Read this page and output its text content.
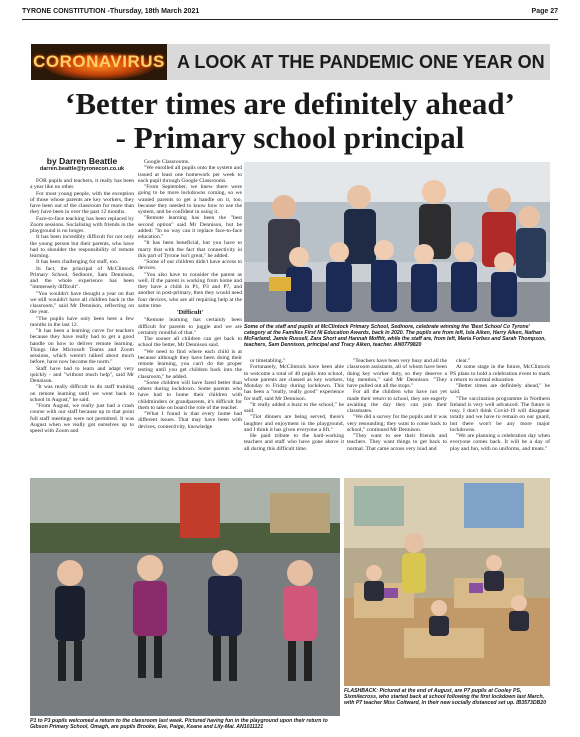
TYRONE CONSTITUTION -Thursday, 18th March 2021	Page 27
CORONAVIRUS A LOOK AT THE PANDEMIC ONE YEAR ON
‘Better times are definitely ahead’
- Primary school principal
by Darren Beattle
darren.beattle@tyronecon.co.uk

FOR pupils and teachers, it really has been a year like no other.

For most young people, with the exception of those whose parents are key workers, they have been out of the classroom for more than they have been in over the past 12 months.

Face-to-face teaching has been replaced by Zoom sessions. Socialising with friends in the playground is no longer.

It has been incredibly difficult for not only the young person but their parents, who have had to shoulder the responsibility of remote learning.

It has been challenging for staff, too.

In fact, the principal of McClintock Primary School, Sedinore, Sam Dennison, and the whole experience has been "immensely difficult".

"You wouldn't have thought a year on that we still wouldn't have all children back in the classroom," said Mr Dennison, reflecting on the year.

"The pupils have only been here a few months in the last 12.

"It has been a learning curve for teachers because they have really had to get a good handle on how to deliver remote learning. Things like Microsoft Teams and Zoom sessions, which weren't talked about much before, have now become the norm."

Staff have had to learn and adapt very quickly - and "without much help", said Mr Dennison.

"It was really difficult to do staff training on remote learning until we went back to school in August," he said.

"From August, we really just had a crash course with our staff because up to that point full staff meetings were not permitted. It was August when we really got ourselves up to speed with Zoom and

Google Classrooms.

"We enrolled all pupils onto the system and issued at least one homework per week to each pupil through Google Classrooms.

"From September, we knew there were going to be more lockdowns coming, so we wanted parents to get a handle on it, too, because they needed to know how to use the system, and be confident in using it.

"Remote learning has been the "best second option" said Mr Dennison, but he added: "In no way can it replace face-to-face education."

"It has been beneficial, but you have to marry that with the fact that connectivity in this part of Tyrone isn't great," he added.

"Some of our children didn't have access to devices.

"You also have to consider the parent as well. If the parent is working from home and they have a child in P1, P3 and P7, and another in post-primary, then they would need four devices, who are all requiring help at the same time.

'Difficult'

"Remote learning has certainly been difficult for parents to juggle and we are certainly mindful of that."

The sooner all children can get back to school the better, Mr Dennison said.

"We need to find where each child is at because although they have been doing their remote learning, you can't do the proper testing until you get children back into the classroom," he added.

"Some children will have fared better than others during lockdown. Some parents who have had to home their children with childminders or grandparents, it's difficult for them to take on board the role of the teacher.

"What I found is that every home had different issues. That may have been with devices, connectivity, knowledge

Some of the staff and pupils at McClintock Primary School, Sedinore, celebrate winning the 'Best School Co Tyrone' category at the Families First NI Education Awards, back in 2020. The pupils are from left, Isla Aiken, Harry Aiken, Nathan McFarland, Jamie Russell, Zara Short and Hannah Moffitt, while the staff are, from left, Maria Forbes and Sarah Thompson, teachers, Sam Dennison, principal and Tracy Aiken, teacher. AN0779820

or timetabling."

Fortunately, McClintock have been able to welcome a total of 40 pupils into school, whose parents are classed as key workers, Monday to Friday during lockdown. This has been a "really, really good" experience for staff, said Mr Dennison.

"It really added a buzz to the school," he said.

"Tiot dinners are being served, there's laughter and enjoyment in the playground, and I think it has given everyone a lift."

He paid tribute to the hard-working teachers and staff who have gone above it all during this difficult time.

"Teachers have been very busy and all the classroom assistants, all of whom have been doing key worker duty, so they deserve a big mention," said Mr Dennison. "They have pulled out all the stops."

For all the children who have not yet made their return to school, they are eagerly awaiting the day they can join their classmates.

"We did a survey for the pupils and it was very resounding; they want to come back to school," continued Mr Dennison.

"They want to see their friends and teachers. They want things to get back to normal. That came across very loud and

clear."

At some stage in the future, McClintock PS plans to hold a celebration event to mark a return to normal education.

"Better times are definitely ahead," he said.

"The vaccination programme in Northern Ireland is very well advanced. The future is rosy. I don't think Covid-19 will disappear totally and we have to remain on our guard, but there won't be any more major lockdowns.

"We are planning a celebration day when everyone comes back. It will be a day of play and fun, with no uniforms, and treats."

P1 to P3 pupils welcomed a return to the classroom last week. Pictured having fun in the playground upon their return to Gibson Primary School, Omagh, are pupils Brooke, Eve, Paige, Keane and Lily-Mai. AN1011121
FLASHBACK: Pictured at the end of August, are P7 pupils at Cooley PS, Sixmilecross, who started back at school following the first lockdown last March, with P7 teacher Miss Coltward, in their new socially distanced set up. IB3573DB20
